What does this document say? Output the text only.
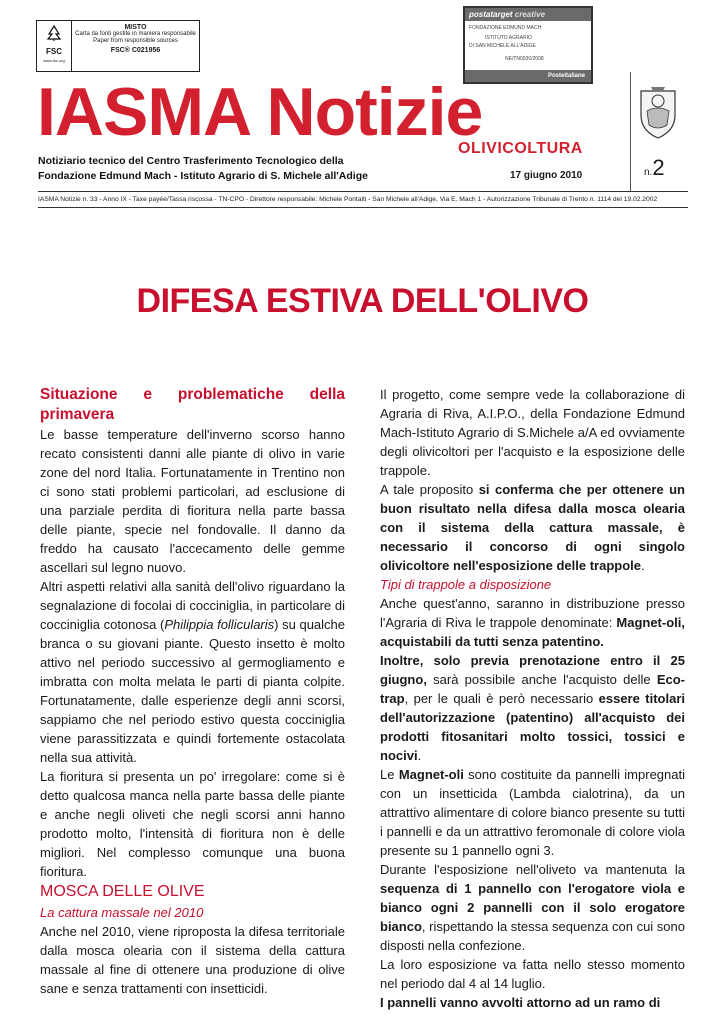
FSC
www.fsc.org
MISTO
Carta da fonti gestite in maniera responsabile
Paper from responsible sources
FSC® C021956
postatarget creative
FONDAZIONE EDMUND MACH
ISTITUTO AGRARIO
DI SAN MICHELE ALL'ADIGE
NE/TN0030/2008
Posteitaliane
IASMA Notizie
OLIVICOLTURA
Notiziario tecnico del Centro Trasferimento Tecnologico della
Fondazione Edmund Mach - Istituto Agrario di S. Michele all'Adige	17 giugno 2010	n.2
IASMA Notizie n. 33 - Anno IX - Taxe payée/Tassa riscossa - TN-CPO - Direttore responsabile: Michele Pontalti - San Michele all'Adige, Via E. Mach 1 - Autorizzazione Tribunale di Trento n. 1114 del 19.02.2002
DIFESA ESTIVA DELL'OLIVO

Situazione e problematiche della primavera

Le basse temperature dell'inverno scorso hanno recato consistenti danni alle piante di olivo in varie zone del nord Italia. Fortunatamente in Trentino non ci sono stati problemi particolari, ad esclusione di una parziale perdita di fioritura nella parte bassa delle piante, specie nel fondovalle. Il danno da freddo ha causato l'accecamento delle gemme ascellari sul legno nuovo.

Altri aspetti relativi alla sanità dell'olivo riguardano la segnalazione di focolai di cocciniglia, in particolare di cocciniglia cotonosa (Philippia follicularis) su qualche branca o su giovani piante. Questo insetto è molto attivo nel periodo successivo al germogliamento e imbratta con molta melata le parti di pianta colpite. Fortunatamente, dalle esperienze degli anni scorsi, sappiamo che nel periodo estivo questa cocciniglia viene parassitizzata e quindi fortemente ostacolata nella sua attività.

La fioritura si presenta un po' irregolare: come si è detto qualcosa manca nella parte bassa delle piante e anche negli oliveti che negli scorsi anni hanno prodotto molto, l'intensità di fioritura non è delle migliori. Nel complesso comunque una buona fioritura.

MOSCA DELLE OLIVE

La cattura massale nel 2010

Anche nel 2010, viene riproposta la difesa territoriale dalla mosca olearia con il sistema della cattura massale al fine di ottenere una produzione di olive sane e senza trattamenti con insetticidi.

Il progetto, come sempre vede la collaborazione di Agraria di Riva, A.I.P.O., della Fondazione Edmund Mach-Istituto Agrario di S.Michele a/A ed ovviamente degli olivicoltori per l'acquisto e la esposizione delle trappole.

A tale proposito si conferma che per ottenere un buon risultato nella difesa dalla mosca olearia con il sistema della cattura massale, è necessario il concorso di ogni singolo olivicoltore nell'esposizione delle trappole.

Tipi di trappole a disposizione

Anche quest'anno, saranno in distribuzione presso l'Agraria di Riva le trappole denominate: Magnet-oli, acquistabili da tutti senza patentino.

Inoltre, solo previa prenotazione entro il 25 giugno, sarà possibile anche l'acquisto delle Eco-trap, per le quali è però necessario essere titolari dell'autorizzazione (patentino) all'acquisto dei prodotti fitosanitari molto tossici, tossici e nocivi.

Le Magnet-oli sono costituite da pannelli impregnati con un insetticida (Lambda cialotrina), da un attrattivo alimentare di colore bianco presente su tutti i pannelli e da un attrattivo feromonale di colore viola presente su 1 pannello ogni 3.

Durante l'esposizione nell'oliveto va mantenuta la sequenza di 1 pannello con l'erogatore viola e bianco ogni 2 pannelli con il solo erogatore bianco, rispettando la stessa sequenza con cui sono disposti nella confezione.

La loro esposizione va fatta nello stesso momento nel periodo dal 4 al 14 luglio.

I pannelli vanno avvolti attorno ad un ramo di
